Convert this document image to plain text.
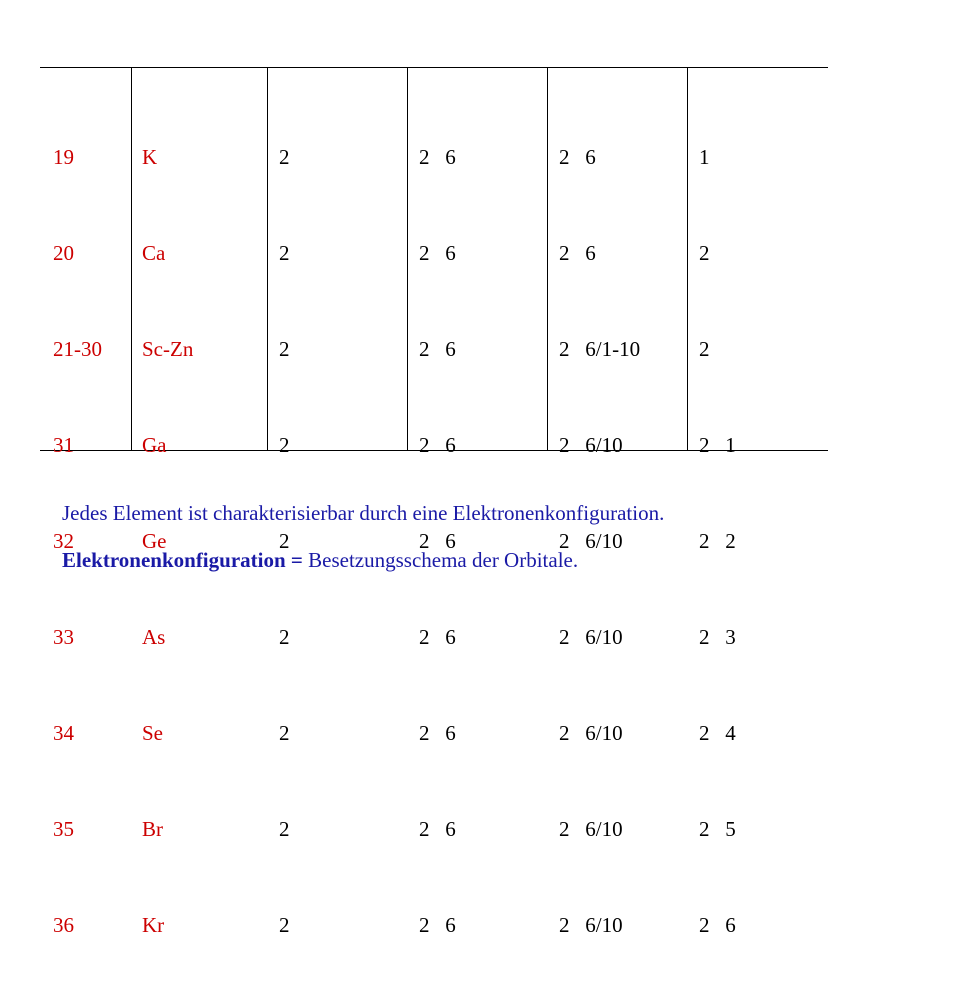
19

20

21-30

31

32

33

34

35

36

K

Ca

Sc-Zn

Ga

Ge

As

Se

Br

Kr

2

2

2

2

2

2

2

2

2

2   6

2   6

2   6

2   6

2   6

2   6

2   6

2   6

2   6

2   6

2   6

2   6/1-10

2   6/10

2   6/10

2   6/10

2   6/10

2   6/10

2   6/10

1

2

2

2   1

2   2

2   3

2   4

2   5

2   6

Jedes Element ist charakterisierbar durch eine Elektronenkonfiguration.
Elektronenkonfiguration = Besetzungsschema der Orbitale.
